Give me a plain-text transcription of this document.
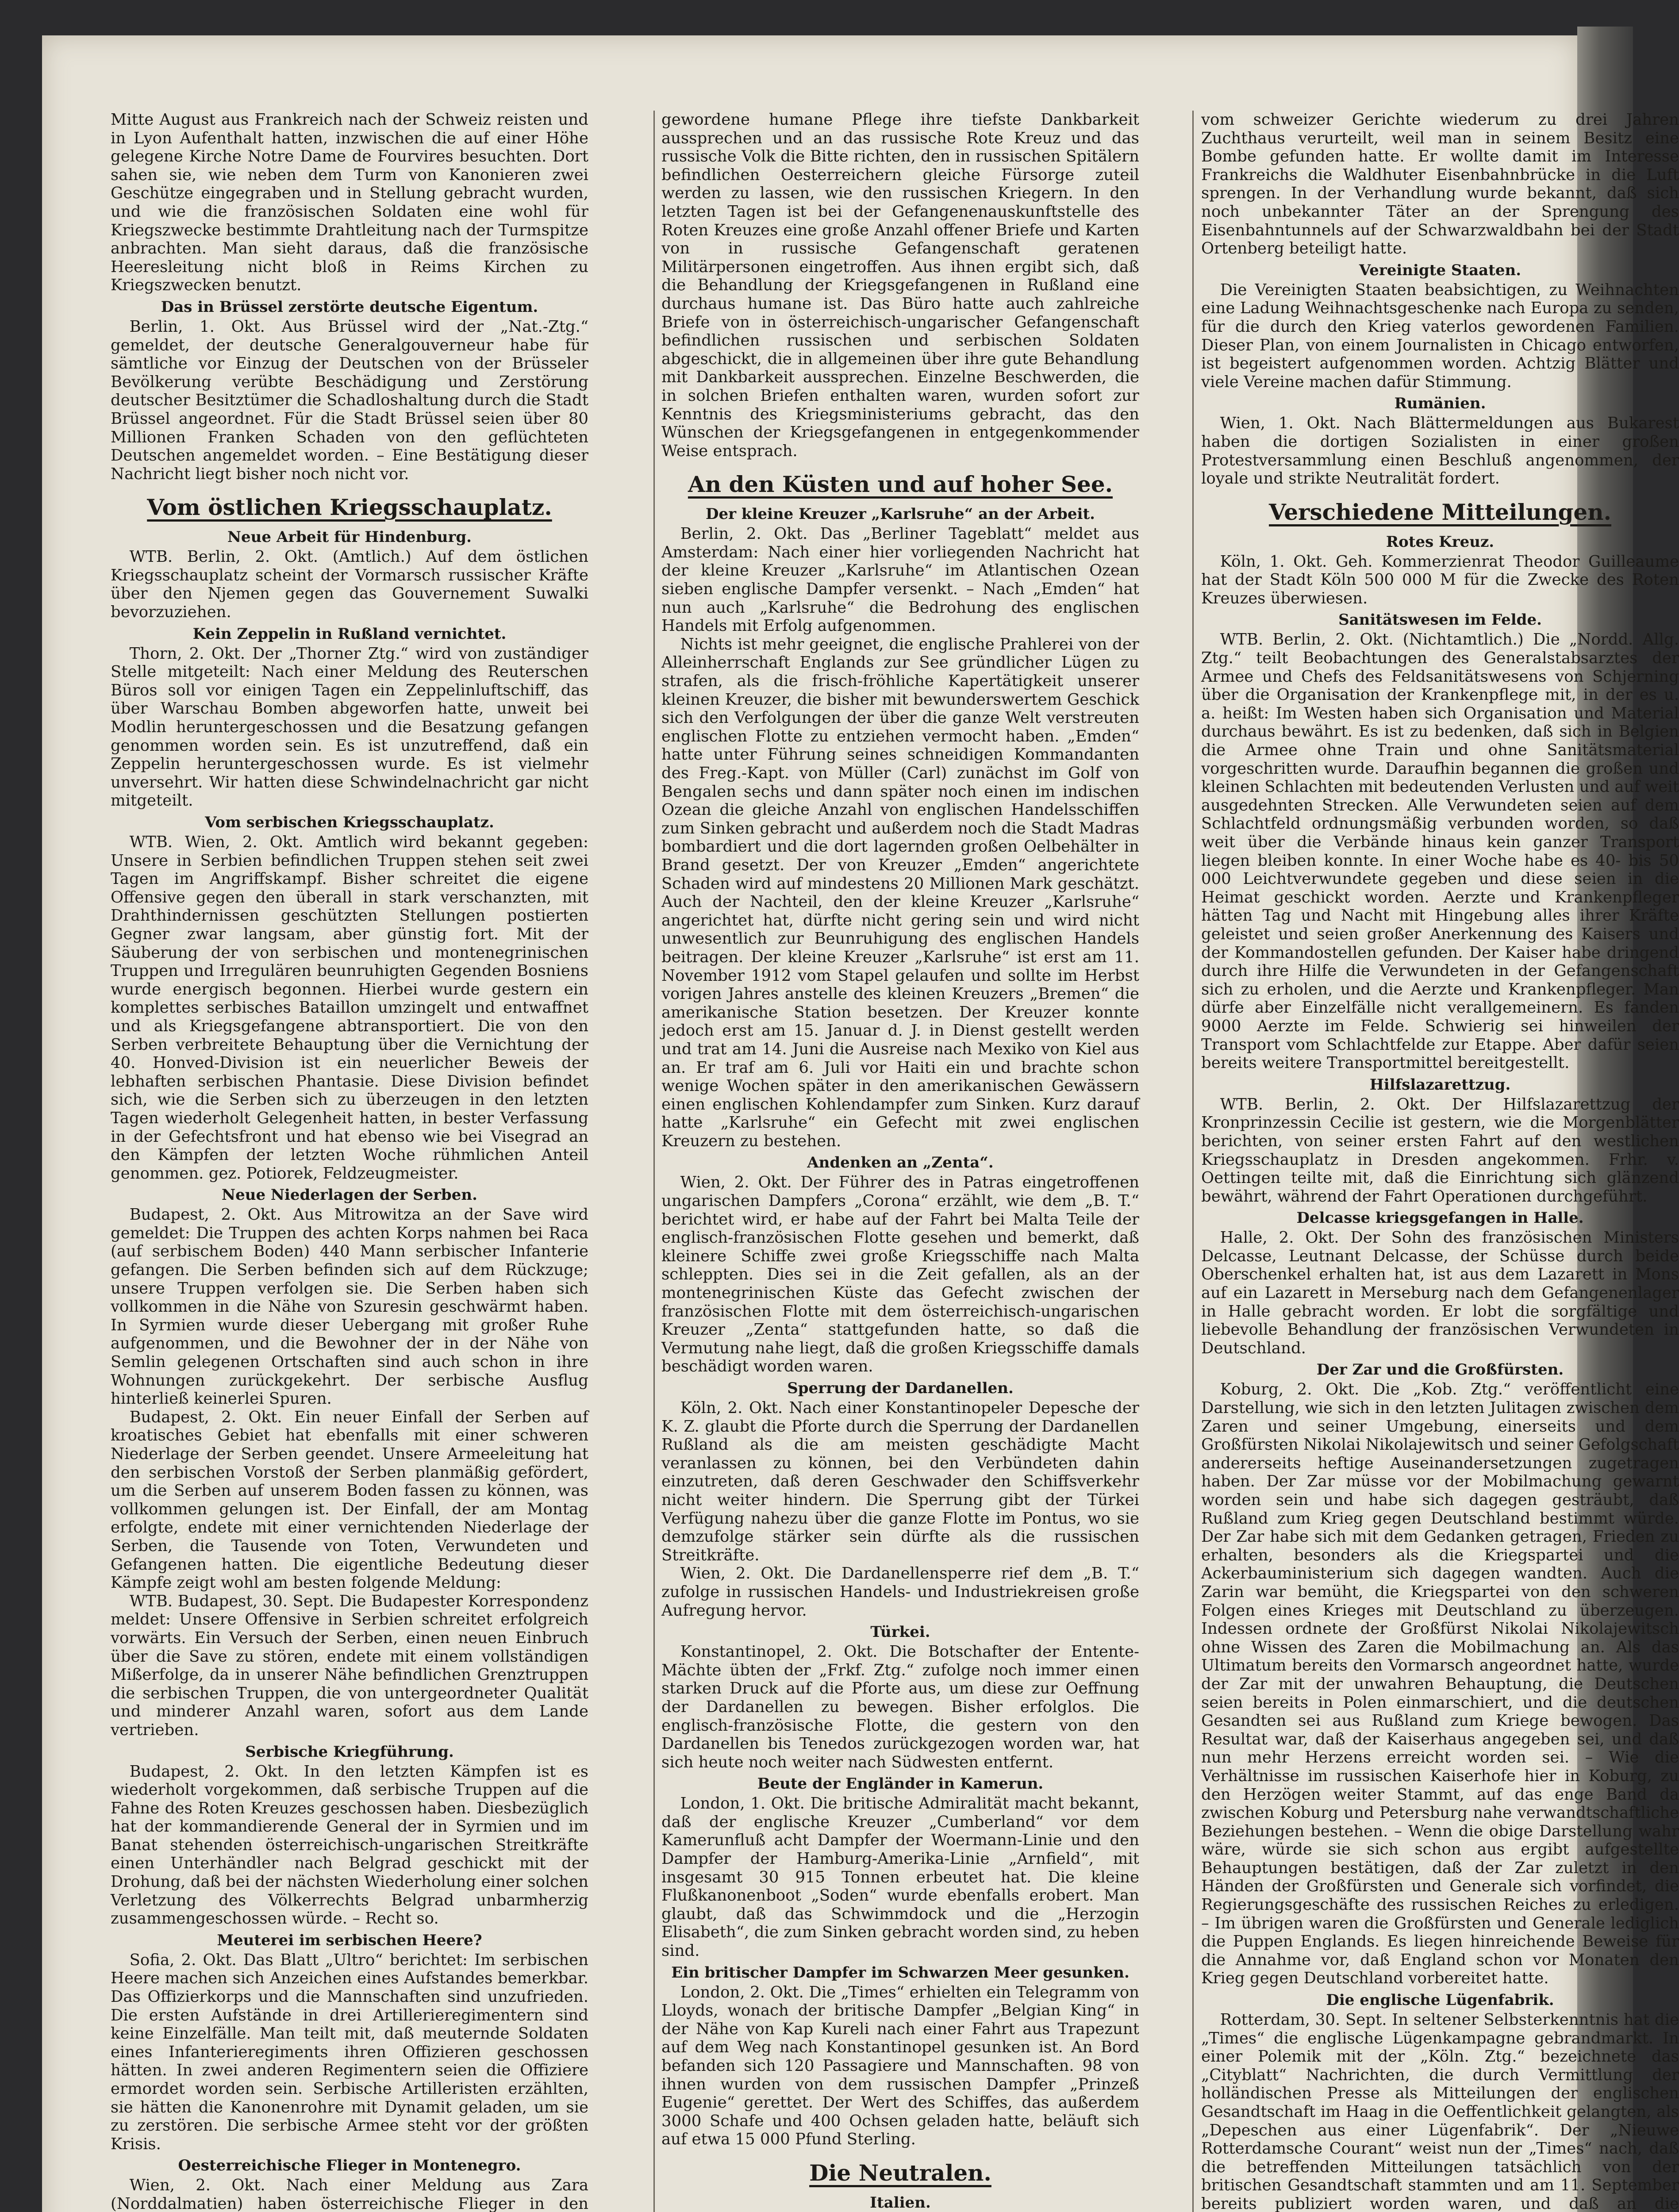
Mitte August aus Frankreich nach der Schweiz reisten und in Lyon Aufenthalt hatten, inzwischen die auf einer Höhe gelegene Kirche Notre Dame de Fourvires besuchten. Dort sahen sie, wie neben dem Turm von Kanonieren zwei Geschütze eingegraben und in Stellung gebracht wurden, und wie die französischen Soldaten eine wohl für Kriegszwecke bestimmte Drahtleitung nach der Turmspitze anbrachten. Man sieht daraus, daß die französische Heeresleitung nicht bloß in Reims Kirchen zu Kriegszwecken benutzt.

Das in Brüssel zerstörte deutsche Eigentum.

Berlin, 1. Okt. Aus Brüssel wird der „Nat.-Ztg.“ gemeldet, der deutsche Generalgouverneur habe für sämtliche vor Einzug der Deutschen von der Brüsseler Bevölkerung verübte Beschädigung und Zerstörung deutscher Besitztümer die Schadloshaltung durch die Stadt Brüssel angeordnet. Für die Stadt Brüssel seien über 80 Millionen Franken Schaden von den geflüchteten Deutschen angemeldet worden. – Eine Bestätigung dieser Nachricht liegt bisher noch nicht vor.

Vom östlichen Kriegsschauplatz.
Neue Arbeit für Hindenburg.

WTB. Berlin, 2. Okt. (Amtlich.) Auf dem östlichen Kriegsschauplatz scheint der Vormarsch russischer Kräfte über den Njemen gegen das Gouvernement Suwalki bevorzuziehen.

Kein Zeppelin in Rußland vernichtet.

Thorn, 2. Okt. Der „Thorner Ztg.“ wird von zuständiger Stelle mitgeteilt: Nach einer Meldung des Reuterschen Büros soll vor einigen Tagen ein Zeppelinluftschiff, das über Warschau Bomben abgeworfen hatte, unweit bei Modlin heruntergeschossen und die Besatzung gefangen genommen worden sein. Es ist unzutreffend, daß ein Zeppelin heruntergeschossen wurde. Es ist vielmehr unversehrt. Wir hatten diese Schwindelnachricht gar nicht mitgeteilt.

Vom serbischen Kriegsschauplatz.

WTB. Wien, 2. Okt. Amtlich wird bekannt gegeben: Unsere in Serbien befindlichen Truppen stehen seit zwei Tagen im Angriffskampf. Bisher schreitet die eigene Offensive gegen den überall in stark verschanzten, mit Drahthindernissen geschützten Stellungen postierten Gegner zwar langsam, aber günstig fort. Mit der Säuberung der von serbischen und montenegrinischen Truppen und Irregulären beunruhigten Gegenden Bosniens wurde energisch begonnen. Hierbei wurde gestern ein komplettes serbisches Bataillon umzingelt und entwaffnet und als Kriegsgefangene abtransportiert. Die von den Serben verbreitete Behauptung über die Vernichtung der 40. Honved-Division ist ein neuerlicher Beweis der lebhaften serbischen Phantasie. Diese Division befindet sich, wie die Serben sich zu überzeugen in den letzten Tagen wiederholt Gelegenheit hatten, in bester Verfassung in der Gefechtsfront und hat ebenso wie bei Visegrad an den Kämpfen der letzten Woche rühmlichen Anteil genommen. gez. Potiorek, Feldzeugmeister.

Neue Niederlagen der Serben.

Budapest, 2. Okt. Aus Mitrowitza an der Save wird gemeldet: Die Truppen des achten Korps nahmen bei Raca (auf serbischem Boden) 440 Mann serbischer Infanterie gefangen. Die Serben befinden sich auf dem Rückzuge; unsere Truppen verfolgen sie. Die Serben haben sich vollkommen in die Nähe von Szuresin geschwärmt haben. In Syrmien wurde dieser Uebergang mit großer Ruhe aufgenommen, und die Bewohner der in der Nähe von Semlin gelegenen Ortschaften sind auch schon in ihre Wohnungen zurückgekehrt. Der serbische Ausflug hinterließ keinerlei Spuren.

Budapest, 2. Okt. Ein neuer Einfall der Serben auf kroatisches Gebiet hat ebenfalls mit einer schweren Niederlage der Serben geendet. Unsere Armeeleitung hat den serbischen Vorstoß der Serben planmäßig gefördert, um die Serben auf unserem Boden fassen zu können, was vollkommen gelungen ist. Der Einfall, der am Montag erfolgte, endete mit einer vernichtenden Niederlage der Serben, die Tausende von Toten, Verwundeten und Gefangenen hatten. Die eigentliche Bedeutung dieser Kämpfe zeigt wohl am besten folgende Meldung:

WTB. Budapest, 30. Sept. Die Budapester Korrespondenz meldet: Unsere Offensive in Serbien schreitet erfolgreich vorwärts. Ein Versuch der Serben, einen neuen Einbruch über die Save zu stören, endete mit einem vollständigen Mißerfolge, da in unserer Nähe befindlichen Grenztruppen die serbischen Truppen, die von untergeordneter Qualität und minderer Anzahl waren, sofort aus dem Lande vertrieben.

Serbische Kriegführung.

Budapest, 2. Okt. In den letzten Kämpfen ist es wiederholt vorgekommen, daß serbische Truppen auf die Fahne des Roten Kreuzes geschossen haben. Diesbezüglich hat der kommandierende General der in Syrmien und im Banat stehenden österreichisch-ungarischen Streitkräfte einen Unterhändler nach Belgrad geschickt mit der Drohung, daß bei der nächsten Wiederholung einer solchen Verletzung des Völkerrechts Belgrad unbarmherzig zusammengeschossen würde. – Recht so.

Meuterei im serbischen Heere?

Sofia, 2. Okt. Das Blatt „Ultro“ berichtet: Im serbischen Heere machen sich Anzeichen eines Aufstandes bemerkbar. Das Offizierkorps und die Mannschaften sind unzufrieden. Die ersten Aufstände in drei Artillerieregimentern sind keine Einzelfälle. Man teilt mit, daß meuternde Soldaten eines Infanterieregiments ihren Offizieren geschossen hätten. In zwei anderen Regimentern seien die Offiziere ermordet worden sein. Serbische Artilleristen erzählten, sie hätten die Kanonenrohre mit Dynamit geladen, um sie zu zerstören. Die serbische Armee steht vor der größten Krisis.

Oesterreichische Flieger in Montenegro.

Wien, 2. Okt. Nach einer Meldung aus Zara (Norddalmatien) haben österreichische Flieger in den

gewordene humane Pflege ihre tiefste Dankbarkeit aussprechen und an das russische Rote Kreuz und das russische Volk die Bitte richten, den in russischen Spitälern befindlichen Oesterreichern gleiche Fürsorge zuteil werden zu lassen, wie den russischen Kriegern. In den letzten Tagen ist bei der Gefangenenauskunftstelle des Roten Kreuzes eine große Anzahl offener Briefe und Karten von in russische Gefangenschaft geratenen Militärpersonen eingetroffen. Aus ihnen ergibt sich, daß die Behandlung der Kriegsgefangenen in Rußland eine durchaus humane ist. Das Büro hatte auch zahlreiche Briefe von in österreichisch-ungarischer Gefangenschaft befindlichen russischen und serbischen Soldaten abgeschickt, die in allgemeinen über ihre gute Behandlung mit Dankbarkeit aussprechen. Einzelne Beschwerden, die in solchen Briefen enthalten waren, wurden sofort zur Kenntnis des Kriegsministeriums gebracht, das den Wünschen der Kriegsgefangenen in entgegenkommender Weise entsprach.

An den Küsten und auf hoher See.
Der kleine Kreuzer „Karlsruhe“ an der Arbeit.

Berlin, 2. Okt. Das „Berliner Tageblatt“ meldet aus Amsterdam: Nach einer hier vorliegenden Nachricht hat der kleine Kreuzer „Karlsruhe“ im Atlantischen Ozean sieben englische Dampfer versenkt. – Nach „Emden“ hat nun auch „Karlsruhe“ die Bedrohung des englischen Handels mit Erfolg aufgenommen.

Nichts ist mehr geeignet, die englische Prahlerei von der Alleinherrschaft Englands zur See gründlicher Lügen zu strafen, als die frisch-fröhliche Kapertätigkeit unserer kleinen Kreuzer, die bisher mit bewunderswertem Geschick sich den Verfolgungen der über die ganze Welt verstreuten englischen Flotte zu entziehen vermocht haben. „Emden“ hatte unter Führung seines schneidigen Kommandanten des Freg.-Kapt. von Müller (Carl) zunächst im Golf von Bengalen sechs und dann später noch einen im indischen Ozean die gleiche Anzahl von englischen Handelsschiffen zum Sinken gebracht und außerdem noch die Stadt Madras bombardiert und die dort lagernden großen Oelbehälter in Brand gesetzt. Der von Kreuzer „Emden“ angerichtete Schaden wird auf mindestens 20 Millionen Mark geschätzt. Auch der Nachteil, den der kleine Kreuzer „Karlsruhe“ angerichtet hat, dürfte nicht gering sein und wird nicht unwesentlich zur Beunruhigung des englischen Handels beitragen. Der kleine Kreuzer „Karlsruhe“ ist erst am 11. November 1912 vom Stapel gelaufen und sollte im Herbst vorigen Jahres anstelle des kleinen Kreuzers „Bremen“ die amerikanische Station besetzen. Der Kreuzer konnte jedoch erst am 15. Januar d. J. in Dienst gestellt werden und trat am 14. Juni die Ausreise nach Mexiko von Kiel aus an. Er traf am 6. Juli vor Haiti ein und brachte schon wenige Wochen später in den amerikanischen Gewässern einen englischen Kohlendampfer zum Sinken. Kurz darauf hatte „Karlsruhe“ ein Gefecht mit zwei englischen Kreuzern zu bestehen.

Andenken an „Zenta“.

Wien, 2. Okt. Der Führer des in Patras eingetroffenen ungarischen Dampfers „Corona“ erzählt, wie dem „B. T.“ berichtet wird, er habe auf der Fahrt bei Malta Teile der englisch-französischen Flotte gesehen und bemerkt, daß kleinere Schiffe zwei große Kriegsschiffe nach Malta schleppten. Dies sei in die Zeit gefallen, als an der montenegrinischen Küste das Gefecht zwischen der französischen Flotte mit dem österreichisch-ungarischen Kreuzer „Zenta“ stattgefunden hatte, so daß die Vermutung nahe liegt, daß die großen Kriegsschiffe damals beschädigt worden waren.

Sperrung der Dardanellen.

Köln, 2. Okt. Nach einer Konstantinopeler Depesche der K. Z. glaubt die Pforte durch die Sperrung der Dardanellen Rußland als die am meisten geschädigte Macht veranlassen zu können, bei den Verbündeten dahin einzutreten, daß deren Geschwader den Schiffsverkehr nicht weiter hindern. Die Sperrung gibt der Türkei Verfügung nahezu über die ganze Flotte im Pontus, wo sie demzufolge stärker sein dürfte als die russischen Streitkräfte.

Wien, 2. Okt. Die Dardanellensperre rief dem „B. T.“ zufolge in russischen Handels- und Industriekreisen große Aufregung hervor.

Türkei.

Konstantinopel, 2. Okt. Die Botschafter der Entente-Mächte übten der „Frkf. Ztg.“ zufolge noch immer einen starken Druck auf die Pforte aus, um diese zur Oeffnung der Dardanellen zu bewegen. Bisher erfolglos. Die englisch-französische Flotte, die gestern von den Dardanellen bis Tenedos zurückgezogen worden war, hat sich heute noch weiter nach Südwesten entfernt.

Beute der Engländer in Kamerun.

London, 1. Okt. Die britische Admiralität macht bekannt, daß der englische Kreuzer „Cumberland“ vor dem Kamerunfluß acht Dampfer der Woermann-Linie und den Dampfer der Hamburg-Amerika-Linie „Arnfield“, mit insgesamt 30 915 Tonnen erbeutet hat. Die kleine Flußkanonenboot „Soden“ wurde ebenfalls erobert. Man glaubt, daß das Schwimmdock und die „Herzogin Elisabeth“, die zum Sinken gebracht worden sind, zu heben sind.

Ein britischer Dampfer im Schwarzen Meer gesunken.

London, 2. Okt. Die „Times“ erhielten ein Telegramm von Lloyds, wonach der britische Dampfer „Belgian King“ in der Nähe von Kap Kureli nach einer Fahrt aus Trapezunt auf dem Weg nach Konstantinopel gesunken ist. An Bord befanden sich 120 Passagiere und Mannschaften. 98 von ihnen wurden von dem russischen Dampfer „Prinzeß Eugenie“ gerettet. Der Wert des Schiffes, das außerdem 3000 Schafe und 400 Ochsen geladen hatte, beläuft sich auf etwa 15 000 Pfund Sterling.

Die Neutralen.
Italien.

vom schweizer Gerichte wiederum zu drei Jahren Zuchthaus verurteilt, weil man in seinem Besitz eine Bombe gefunden hatte. Er wollte damit im Interesse Frankreichs die Waldhuter Eisenbahnbrücke in die Luft sprengen. In der Verhandlung wurde bekannt, daß sich noch unbekannter Täter an der Sprengung des Eisenbahntunnels auf der Schwarzwaldbahn bei der Stadt Ortenberg beteiligt hatte.

Vereinigte Staaten.

Die Vereinigten Staaten beabsichtigen, zu Weihnachten eine Ladung Weihnachtsgeschenke nach Europa zu senden, für die durch den Krieg vaterlos gewordenen Familien. Dieser Plan, von einem Journalisten in Chicago entworfen, ist begeistert aufgenommen worden. Achtzig Blätter und viele Vereine machen dafür Stimmung.

Rumänien.

Wien, 1. Okt. Nach Blättermeldungen aus Bukarest haben die dortigen Sozialisten in einer großen Protestversammlung einen Beschluß angenommen, der loyale und strikte Neutralität fordert.

Verschiedene Mitteilungen.
Rotes Kreuz.

Köln, 1. Okt. Geh. Kommerzienrat Theodor Guilleaume hat der Stadt Köln 500 000 M für die Zwecke des Roten Kreuzes überwiesen.

Sanitätswesen im Felde.

WTB. Berlin, 2. Okt. (Nichtamtlich.) Die „Nordd. Allg. Ztg.“ teilt Beobachtungen des Generalstabsarztes der Armee und Chefs des Feldsanitätswesens von Schjerning über die Organisation der Krankenpflege mit, in der es u. a. heißt: Im Westen haben sich Organisation und Material durchaus bewährt. Es ist zu bedenken, daß sich in Belgien die Armee ohne Train und ohne Sanitätsmaterial vorgeschritten wurde. Daraufhin begannen die großen und kleinen Schlachten mit bedeutenden Verlusten und auf weit ausgedehnten Strecken. Alle Verwundeten seien auf dem Schlachtfeld ordnungsmäßig verbunden worden, so daß weit über die Verbände hinaus kein ganzer Transport liegen bleiben konnte. In einer Woche habe es 40- bis 50 000 Leichtverwundete gegeben und diese seien in die Heimat geschickt worden. Aerzte und Krankenpfleger hätten Tag und Nacht mit Hingebung alles ihrer Kräfte geleistet und seien großer Anerkennung des Kaisers und der Kommandostellen gefunden. Der Kaiser habe dringend durch ihre Hilfe die Verwundeten in der Gefangenschaft sich zu erholen, und die Aerzte und Krankenpfleger. Man dürfe aber Einzelfälle nicht verallgemeinern. Es fanden 9000 Aerzte im Felde. Schwierig sei hinweilen der Transport vom Schlachtfelde zur Etappe. Aber dafür seien bereits weitere Transportmittel bereitgestellt.

Hilfslazarettzug.

WTB. Berlin, 2. Okt. Der Hilfslazarettzug der Kronprinzessin Cecilie ist gestern, wie die Morgenblätter berichten, von seiner ersten Fahrt auf den westlichen Kriegsschauplatz in Dresden angekommen. Frhr. v. Oettingen teilte mit, daß die Einrichtung sich glänzend bewährt, während der Fahrt Operationen durchgeführt.

Delcasse kriegsgefangen in Halle.

Halle, 2. Okt. Der Sohn des französischen Ministers Delcasse, Leutnant Delcasse, der Schüsse durch beide Oberschenkel erhalten hat, ist aus dem Lazarett in Mons auf ein Lazarett in Merseburg nach dem Gefangenenlager in Halle gebracht worden. Er lobt die sorgfältige und liebevolle Behandlung der französischen Verwundeten in Deutschland.

Der Zar und die Großfürsten.

Koburg, 2. Okt. Die „Kob. Ztg.“ veröffentlicht eine Darstellung, wie sich in den letzten Julitagen zwischen dem Zaren und seiner Umgebung, einerseits und dem Großfürsten Nikolai Nikolajewitsch und seiner Gefolgschaft andererseits heftige Auseinandersetzungen zugetragen haben. Der Zar müsse vor der Mobilmachung gewarnt worden sein und habe sich dagegen gesträubt, daß Rußland zum Krieg gegen Deutschland bestimmt würde. Der Zar habe sich mit dem Gedanken getragen, Frieden zu erhalten, besonders als die Kriegspartei und die Ackerbauministerium sich dagegen wandten. Auch die Zarin war bemüht, die Kriegspartei von den schweren Folgen eines Krieges mit Deutschland zu überzeugen. Indessen ordnete der Großfürst Nikolai Nikolajewitsch ohne Wissen des Zaren die Mobilmachung an. Als das Ultimatum bereits den Vormarsch angeordnet hatte, wurde der Zar mit der unwahren Behauptung, die Deutschen seien bereits in Polen einmarschiert, und die deutschen Gesandten sei aus Rußland zum Kriege bewogen. Das Resultat war, daß der Kaiserhaus angegeben sei, und daß nun mehr Herzens erreicht worden sei. – Wie die Verhältnisse im russischen Kaiserhofe hier in Koburg, zu den Herzögen weiter Stammt, auf das enge Band da zwischen Koburg und Petersburg nahe verwandtschaftliche Beziehungen bestehen. – Wenn die obige Darstellung wahr wäre, würde sie sich schon aus ergibt aufgestellte Behauptungen bestätigen, daß der Zar zuletzt in den Händen der Großfürsten und Generale sich vorfindet, die Regierungsgeschäfte des russischen Reiches zu erledigen. – Im übrigen waren die Großfürsten und Generale lediglich die Puppen Englands. Es liegen hinreichende Beweise für die Annahme vor, daß England schon vor Monaten den Krieg gegen Deutschland vorbereitet hatte.

Die englische Lügenfabrik.

Rotterdam, 30. Sept. In seltener Selbsterkenntnis hat die „Times“ die englische Lügenkampagne gebrandmarkt. In einer Polemik mit der „Köln. Ztg.“ bezeichnete das „Cityblatt“ Nachrichten, die durch Vermittlung der holländischen Presse als Mitteilungen der englischen Gesandtschaft im Haag in die Oeffentlichkeit gelangten, als „Depeschen aus einer Lügenfabrik“. Der „Nieuwe Rotterdamsche Courant“ weist nun der „Times“ nach, daß die betreffenden Mitteilungen tatsächlich von der britischen Gesandtschaft stammten und am 11. September bereits publiziert worden waren, und daß an die
